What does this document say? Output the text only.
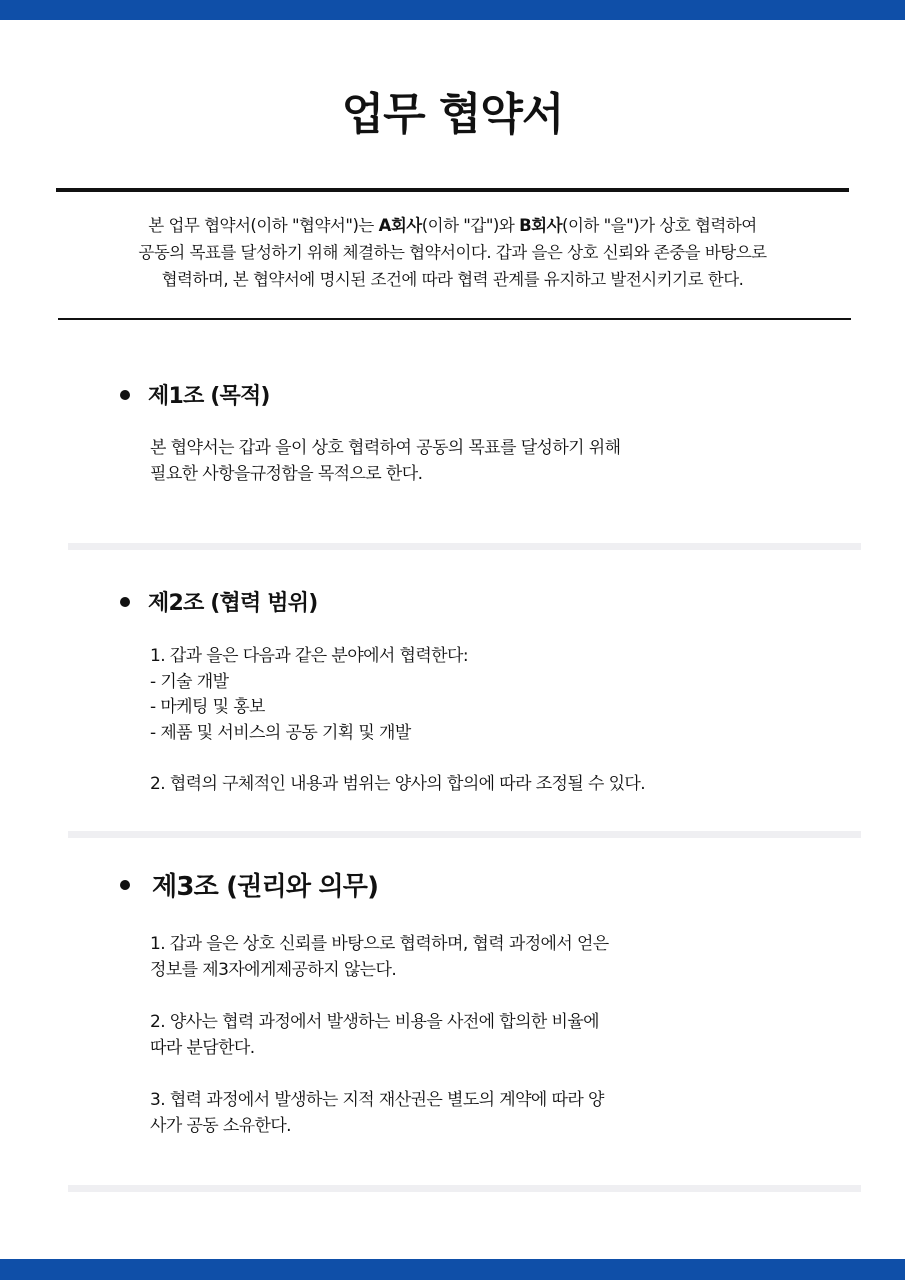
업무 협약서
본 업무 협약서(이하 "협약서")는 A회사(이하 "갑")와 B회사(이하 "을")가 상호 협력하여
공동의 목표를 달성하기 위해 체결하는 협약서이다. 갑과 을은 상호 신뢰와 존중을 바탕으로
협력하며, 본 협약서에 명시된 조건에 따라 협력 관계를 유지하고 발전시키기로 한다.
제1조 (목적)

본 협약서는 갑과 을이 상호 협력하여 공동의 목표를 달성하기 위해
필요한 사항을규정함을 목적으로 한다.

제2조 (협력 범위)

1. 갑과 을은 다음과 같은 분야에서 협력한다:
- 기술 개발
- 마케팅 및 홍보
- 제품 및 서비스의 공동 기획 및 개발

2. 협력의 구체적인 내용과 범위는 양사의 합의에 따라 조정될 수 있다.

제3조 (권리와 의무)

1. 갑과 을은 상호 신뢰를 바탕으로 협력하며, 협력 과정에서 얻은
정보를 제3자에게제공하지 않는다.

2. 양사는 협력 과정에서 발생하는 비용을 사전에 합의한 비율에
따라 분담한다.

3. 협력 과정에서 발생하는 지적 재산권은 별도의 계약에 따라 양
사가 공동 소유한다.
